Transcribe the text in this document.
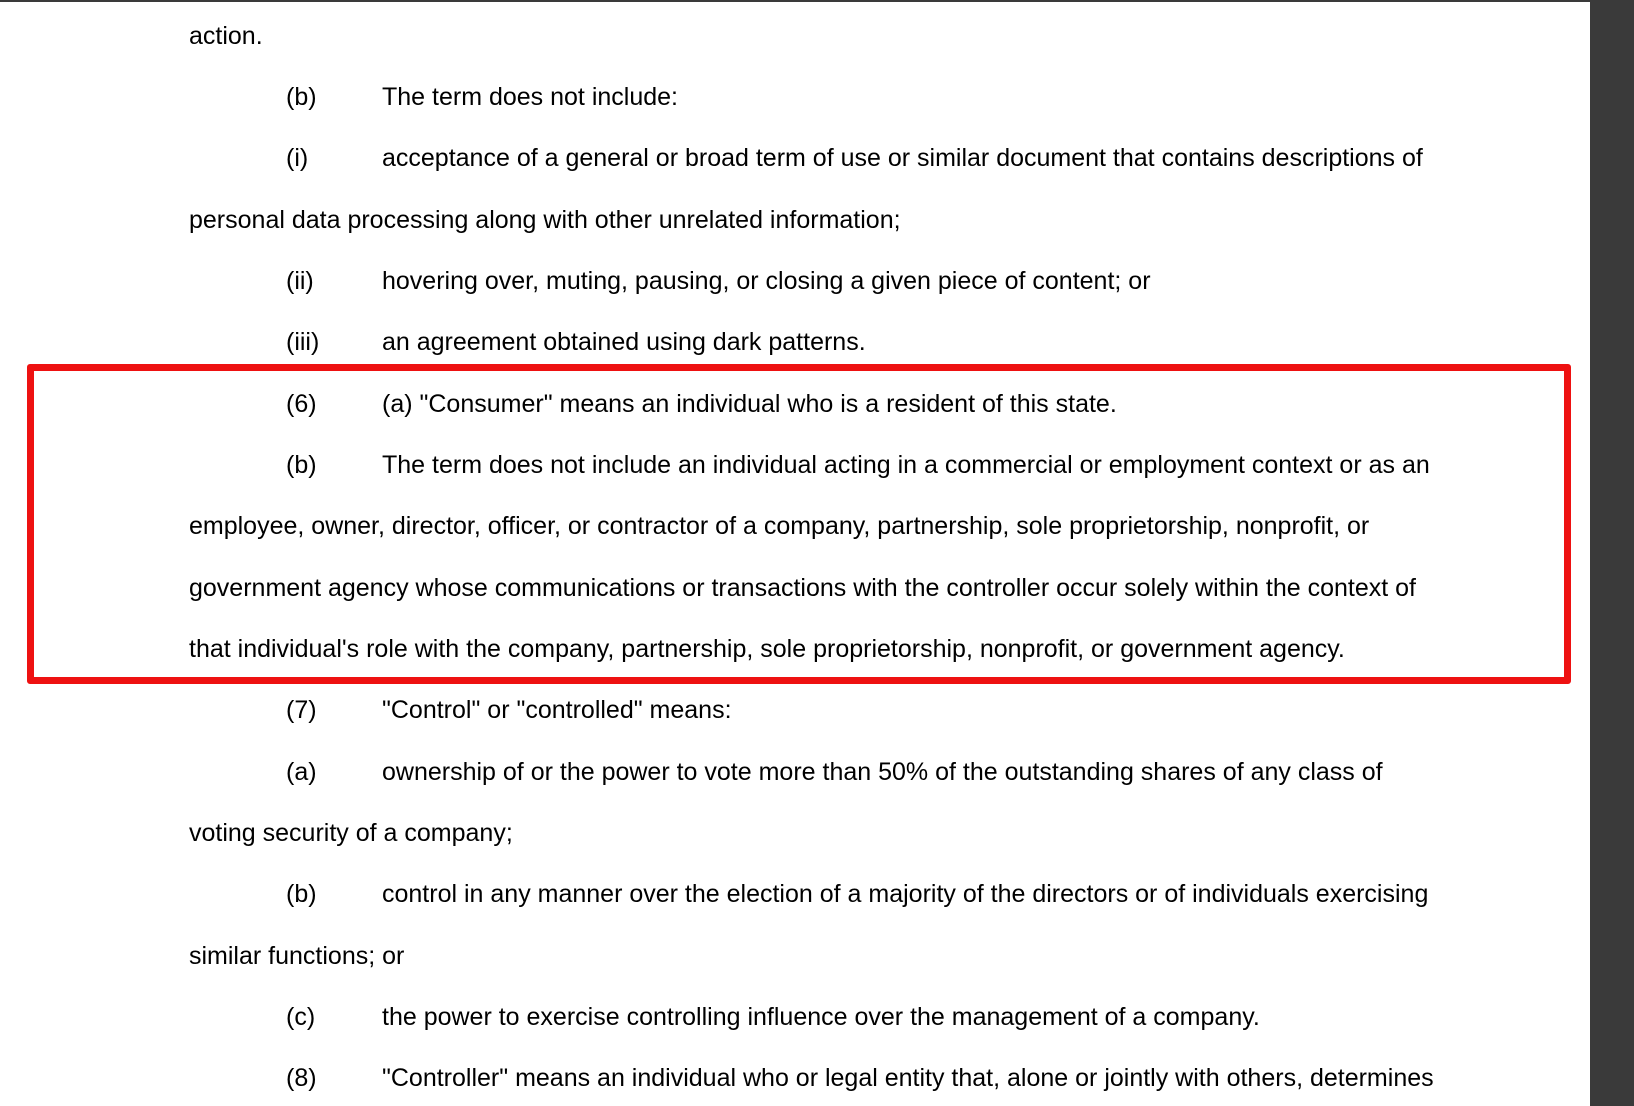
action.
(b)	The term does not include:
(i)	acceptance of a general or broad term of use or similar document that contains descriptions of
personal data processing along with other unrelated information;
(ii)	hovering over, muting, pausing, or closing a given piece of content; or
(iii)	an agreement obtained using dark patterns.
(6)	(a) "Consumer" means an individual who is a resident of this state.
(b)	The term does not include an individual acting in a commercial or employment context or as an
employee, owner, director, officer, or contractor of a company, partnership, sole proprietorship, nonprofit, or
government agency whose communications or transactions with the controller occur solely within the context of
that individual's role with the company, partnership, sole proprietorship, nonprofit, or government agency.
(7)	"Control" or "controlled" means:
(a)	ownership of or the power to vote more than 50% of the outstanding shares of any class of
voting security of a company;
(b)	control in any manner over the election of a majority of the directors or of individuals exercising
similar functions; or
(c)	the power to exercise controlling influence over the management of a company.
(8)	"Controller" means an individual who or legal entity that, alone or jointly with others, determines
